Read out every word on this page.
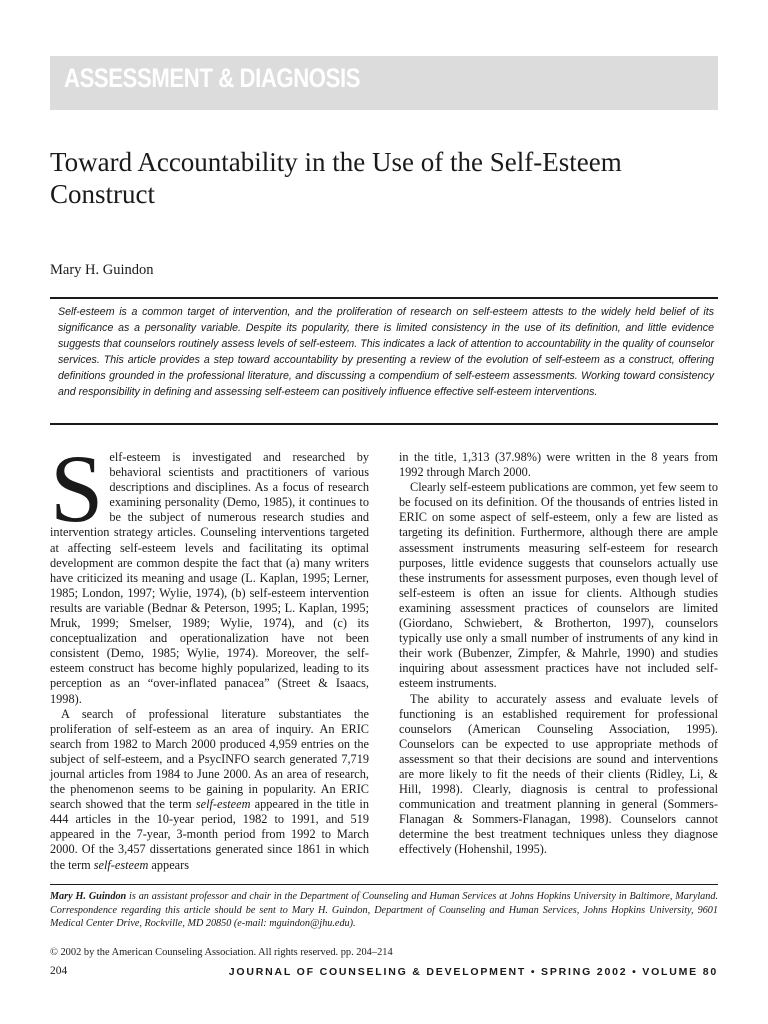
ASSESSMENT & DIAGNOSIS
Toward Accountability in the Use of the Self-Esteem Construct
Mary H. Guindon
Self-esteem is a common target of intervention, and the proliferation of research on self-esteem attests to the widely held belief of its significance as a personality variable. Despite its popularity, there is limited consistency in the use of its definition, and little evidence suggests that counselors routinely assess levels of self-esteem. This indicates a lack of attention to accountability in the quality of counselor services. This article provides a step toward accountability by presenting a review of the evolution of self-esteem as a construct, offering definitions grounded in the professional literature, and discussing a compendium of self-esteem assessments. Working toward consistency and responsibility in defining and assessing self-esteem can positively influence effective self-esteem interventions.

Self-esteem is investigated and researched by behavioral scientists and practitioners of various descriptions and disciplines. As a focus of research examining personality (Demo, 1985), it continues to be the subject of numerous research studies and intervention strategy articles. Counseling interventions targeted at affecting self-esteem levels and facilitating its optimal development are common despite the fact that (a) many writers have criticized its meaning and usage (L. Kaplan, 1995; Lerner, 1985; London, 1997; Wylie, 1974), (b) self-esteem intervention results are variable (Bednar & Peterson, 1995; L. Kaplan, 1995; Mruk, 1999; Smelser, 1989; Wylie, 1974), and (c) its conceptualization and operationalization have not been consistent (Demo, 1985; Wylie, 1974). Moreover, the self-esteem construct has become highly popularized, leading to its perception as an “over-inflated panacea” (Street & Isaacs, 1998).

A search of professional literature substantiates the proliferation of self-esteem as an area of inquiry. An ERIC search from 1982 to March 2000 produced 4,959 entries on the subject of self-esteem, and a PsycINFO search generated 7,719 journal articles from 1984 to June 2000. As an area of research, the phenomenon seems to be gaining in popularity. An ERIC search showed that the term self-esteem appeared in the title in 444 articles in the 10-year period, 1982 to 1991, and 519 appeared in the 7-year, 3-month period from 1992 to March 2000. Of the 3,457 dissertations generated since 1861 in which the term self-esteem appears

in the title, 1,313 (37.98%) were written in the 8 years from 1992 through March 2000.

Clearly self-esteem publications are common, yet few seem to be focused on its definition. Of the thousands of entries listed in ERIC on some aspect of self-esteem, only a few are listed as targeting its definition. Furthermore, although there are ample assessment instruments measuring self-esteem for research purposes, little evidence suggests that counselors actually use these instruments for assessment purposes, even though level of self-esteem is often an issue for clients. Although studies examining assessment practices of counselors are limited (Giordano, Schwiebert, & Brotherton, 1997), counselors typically use only a small number of instruments of any kind in their work (Bubenzer, Zimpfer, & Mahrle, 1990) and studies inquiring about assessment practices have not included self-esteem instruments.

The ability to accurately assess and evaluate levels of functioning is an established requirement for professional counselors (American Counseling Association, 1995). Counselors can be expected to use appropriate methods of assessment so that their decisions are sound and interventions are more likely to fit the needs of their clients (Ridley, Li, & Hill, 1998). Clearly, diagnosis is central to professional communication and treatment planning in general (Sommers-Flanagan & Sommers-Flanagan, 1998). Counselors cannot determine the best treatment techniques unless they diagnose effectively (Hohenshil, 1995).

Mary H. Guindon is an assistant professor and chair in the Department of Counseling and Human Services at Johns Hopkins University in Baltimore, Maryland. Correspondence regarding this article should be sent to Mary H. Guindon, Department of Counseling and Human Services, Johns Hopkins University, 9601 Medical Center Drive, Rockville, MD 20850 (e-mail: mguindon@jhu.edu).
© 2002 by the American Counseling Association. All rights reserved. pp. 204–214
204	JOURNAL OF COUNSELING & DEVELOPMENT • SPRING 2002 • VOLUME 80
